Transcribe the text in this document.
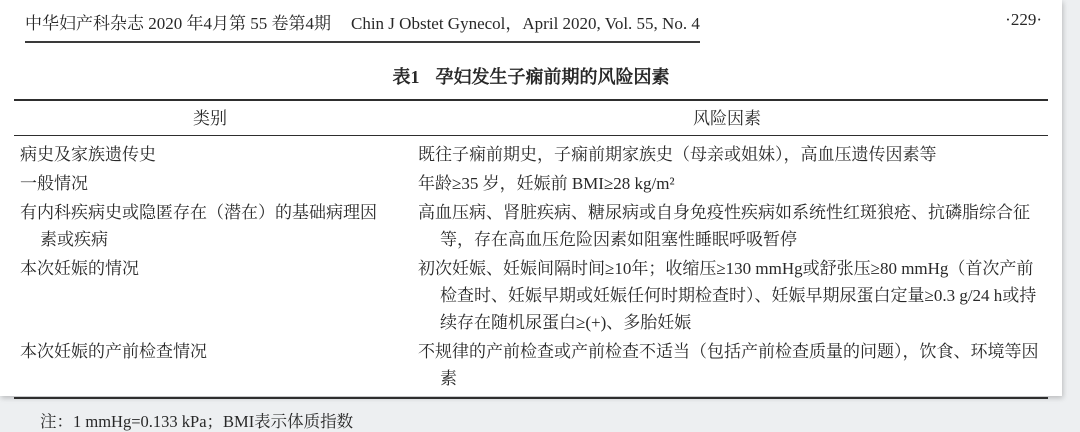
中华妇产科杂志 2020 年4月第 55 卷第4期 Chin J Obstet Gynecol，April 2020, Vol. 55, No. 4	·229·
表1 孕妇发生子痫前期的风险因素
类别	风险因素
病史及家族遗传史	既往子痫前期史，子痫前期家族史（母亲或姐妹），高血压遗传因素等
一般情况	年龄≥35 岁，妊娠前 BMI≥28 kg/m²
有内科疾病史或隐匿存在（潜在）的基础病理因素或疾病	高血压病、肾脏疾病、糖尿病或自身免疫性疾病如系统性红斑狼疮、抗磷脂综合征等，存在高血压危险因素如阻塞性睡眠呼吸暂停
本次妊娠的情况	初次妊娠、妊娠间隔时间≥10年；收缩压≥130 mmHg或舒张压≥80 mmHg（首次产前检查时、妊娠早期或妊娠任何时期检查时）、妊娠早期尿蛋白定量≥0.3 g/24 h或持续存在随机尿蛋白≥(+)、多胎妊娠
本次妊娠的产前检查情况	不规律的产前检查或产前检查不适当（包括产前检查质量的问题），饮食、环境等因素
注：1 mmHg=0.133 kPa；BMI表示体质指数
